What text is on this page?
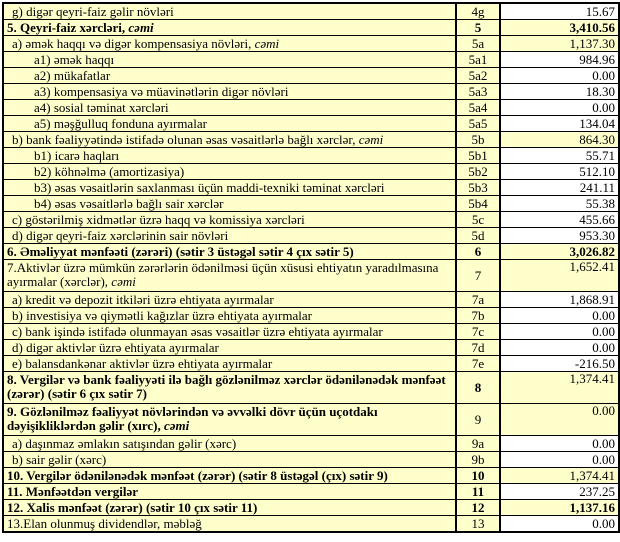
g) digər qeyri-faiz gəlir növləri	4g	15.67
5. Qeyri-faiz xərcləri, cəmi	5	3,410.56
a) əmək haqqı və digər kompensasiya növləri, cəmi	5a	1,137.30
a1) əmək haqqı	5a1	984.96
a2) mükafatlar	5a2	0.00
a3) kompensasiya və müavinətlərin digər növləri	5a3	18.30
a4) sosial təminat xərcləri	5a4	0.00
a5) məşğulluq fonduna ayırmalar	5a5	134.04
b) bank fəaliyyətində istifadə olunan əsas vəsaitlərlə bağlı xərclər, cəmi	5b	864.30
b1) icarə haqları	5b1	55.71
b2) köhnəlmə (amortizasiya)	5b2	512.10
b3) əsas vəsaitlərin saxlanması üçün maddi-texniki təminat xərcləri	5b3	241.11
b4) əsas vəsaitlərlə bağlı sair xərclər	5b4	55.38
c) göstərilmiş xidmətlər üzrə haqq və komissiya xərcləri	5c	455.66
d) digər qeyri-faiz xərclərinin sair növləri	5d	953.30
6. Əməliyyat mənfəəti (zərəri) (sətir 3 üstəgəl sətir 4 çıx sətir 5)	6	3,026.82
7.Aktivlər üzrə mümkün zərərlərin ödənilməsi üçün xüsusi ehtiyatın yaradılmasına ayırmalar (xərclər), cəmi	7	1,652.41
a) kredit və depozit itkiləri üzrə ehtiyata ayırmalar	7a	1,868.91
b) investisiya və qiymətli kağızlar üzrə ehtiyata ayırmalar	7b	0.00
c) bank işində istifadə olunmayan əsas vəsaitlər üzrə ehtiyata ayırmalar	7c	0.00
d) digər aktivlər üzrə ehtiyata ayırmalar	7d	0.00
e) balansdankənar aktivlər üzrə ehtiyata ayırmalar	7e	-216.50
8. Vergilər və bank fəaliyyəti ilə bağlı gözlənilməz xərclər ödənilənədək mənfəət (zərər) (sətir 6 çıx sətir 7)	8	1,374.41
9. Gözlənilməz fəaliyyət növlərindən və əvvəlki dövr üçün uçotdakı dəyişikliklərdən gəlir (xırc), cəmi	9	0.00
a) daşınmaz əmlakın satışından gəlir (xərc)	9a	0.00
b) sair gəlir (xərc)	9b	0.00
10. Vergilər ödənilənədək mənfəət (zərər) (sətir 8 üstəgəl (çıx) sətir 9)	10	1,374.41
11. Mənfəətdən vergilər	11	237.25
12. Xalis mənfəət (zərər) (sətir 10 çıx sətir 11)	12	1,137.16
13.Elan olunmuş dividendlər, məbləğ	13	0.00
